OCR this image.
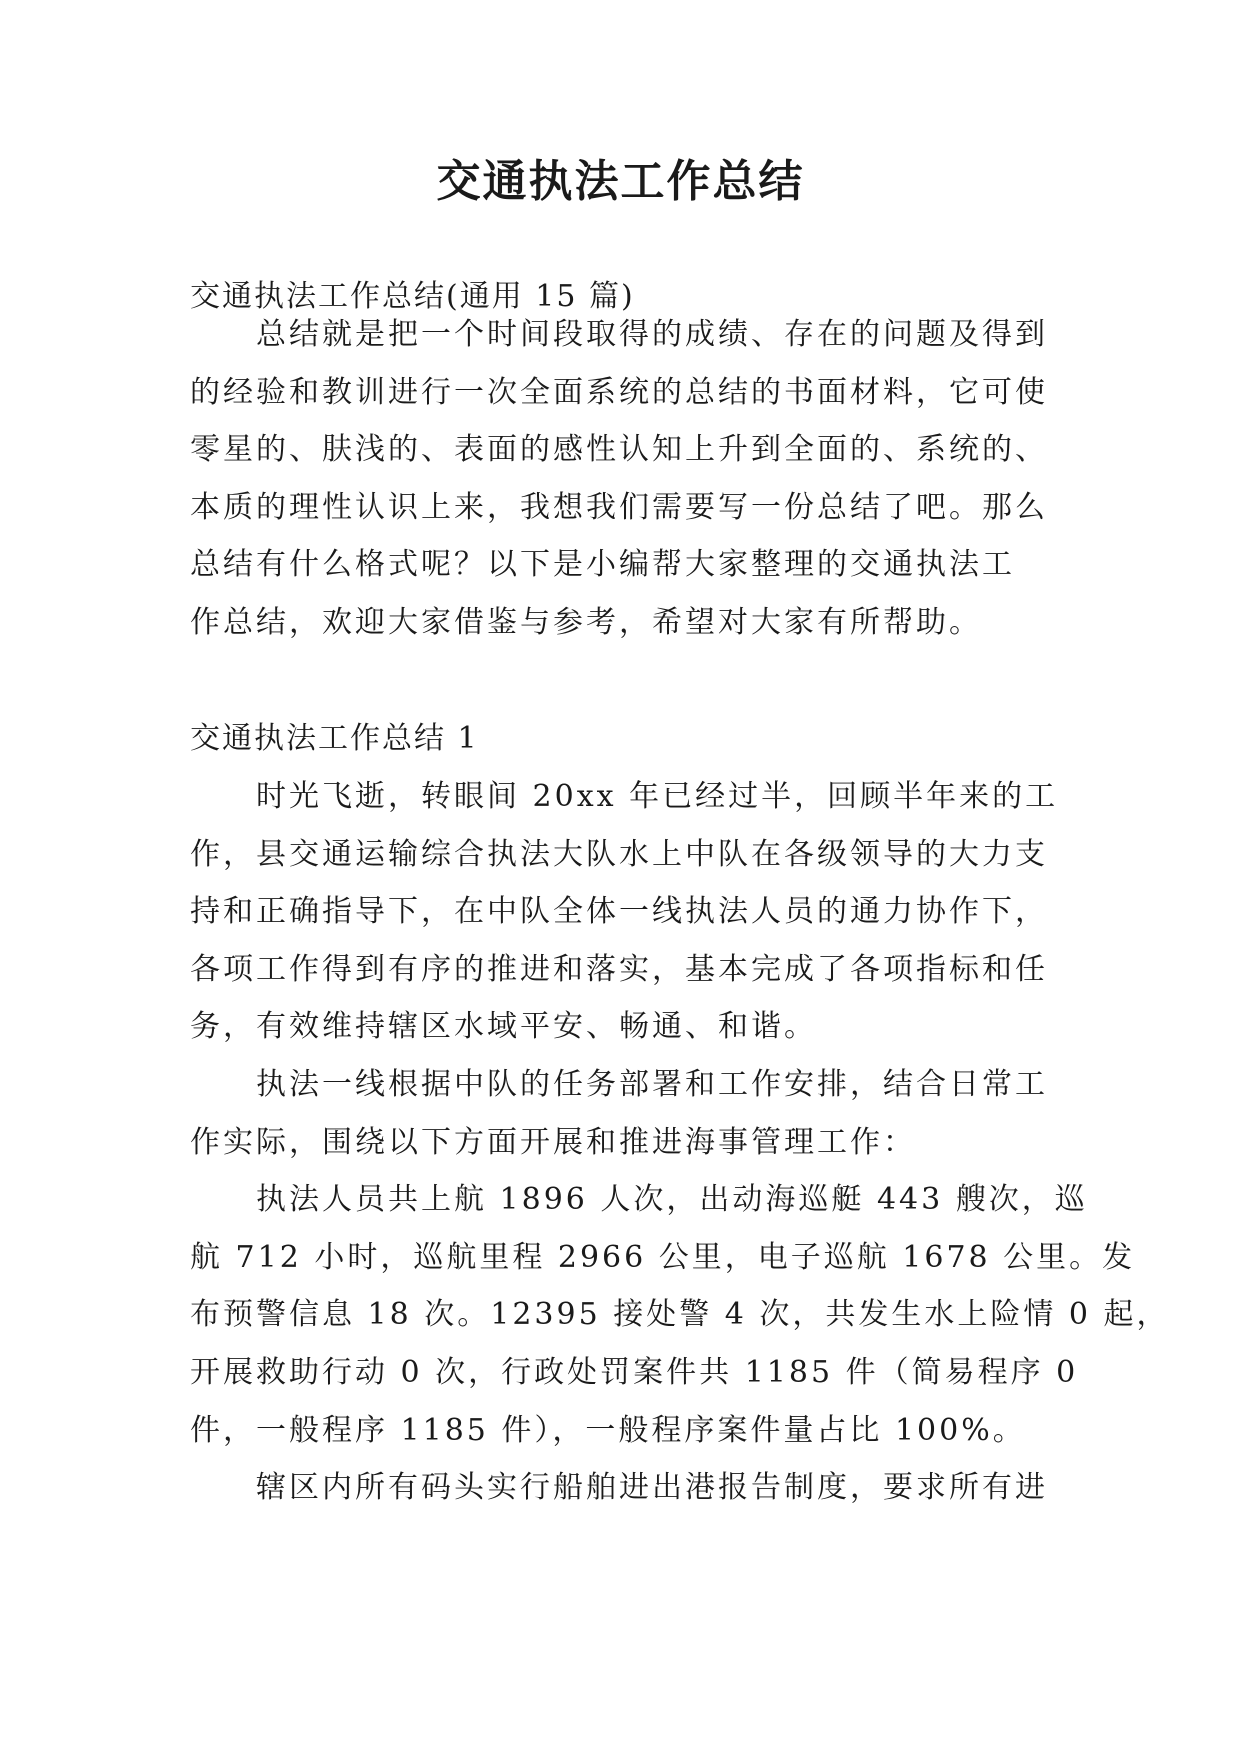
交通执法工作总结

交通执法工作总结(通用 15 篇)

总结就是把一个时间段取得的成绩、存在的问题及得到
的经验和教训进行一次全面系统的总结的书面材料，它可使
零星的、肤浅的、表面的感性认知上升到全面的、系统的、
本质的理性认识上来，我想我们需要写一份总结了吧。那么
总结有什么格式呢？以下是小编帮大家整理的交通执法工
作总结，欢迎大家借鉴与参考，希望对大家有所帮助。

交通执法工作总结 1

时光飞逝，转眼间 20xx 年已经过半，回顾半年来的工
作，县交通运输综合执法大队水上中队在各级领导的大力支
持和正确指导下，在中队全体一线执法人员的通力协作下，
各项工作得到有序的推进和落实，基本完成了各项指标和任
务，有效维持辖区水域平安、畅通、和谐。
执法一线根据中队的任务部署和工作安排，结合日常工
作实际，围绕以下方面开展和推进海事管理工作：
执法人员共上航 1896 人次，出动海巡艇 443 艘次，巡
航 712 小时，巡航里程 2966 公里，电子巡航 1678 公里。发
布预警信息 18 次。12395 接处警 4 次，共发生水上险情 0 起，
开展救助行动 0 次，行政处罚案件共 1185 件（简易程序 0
件，一般程序 1185 件），一般程序案件量占比 100%。
辖区内所有码头实行船舶进出港报告制度，要求所有进
